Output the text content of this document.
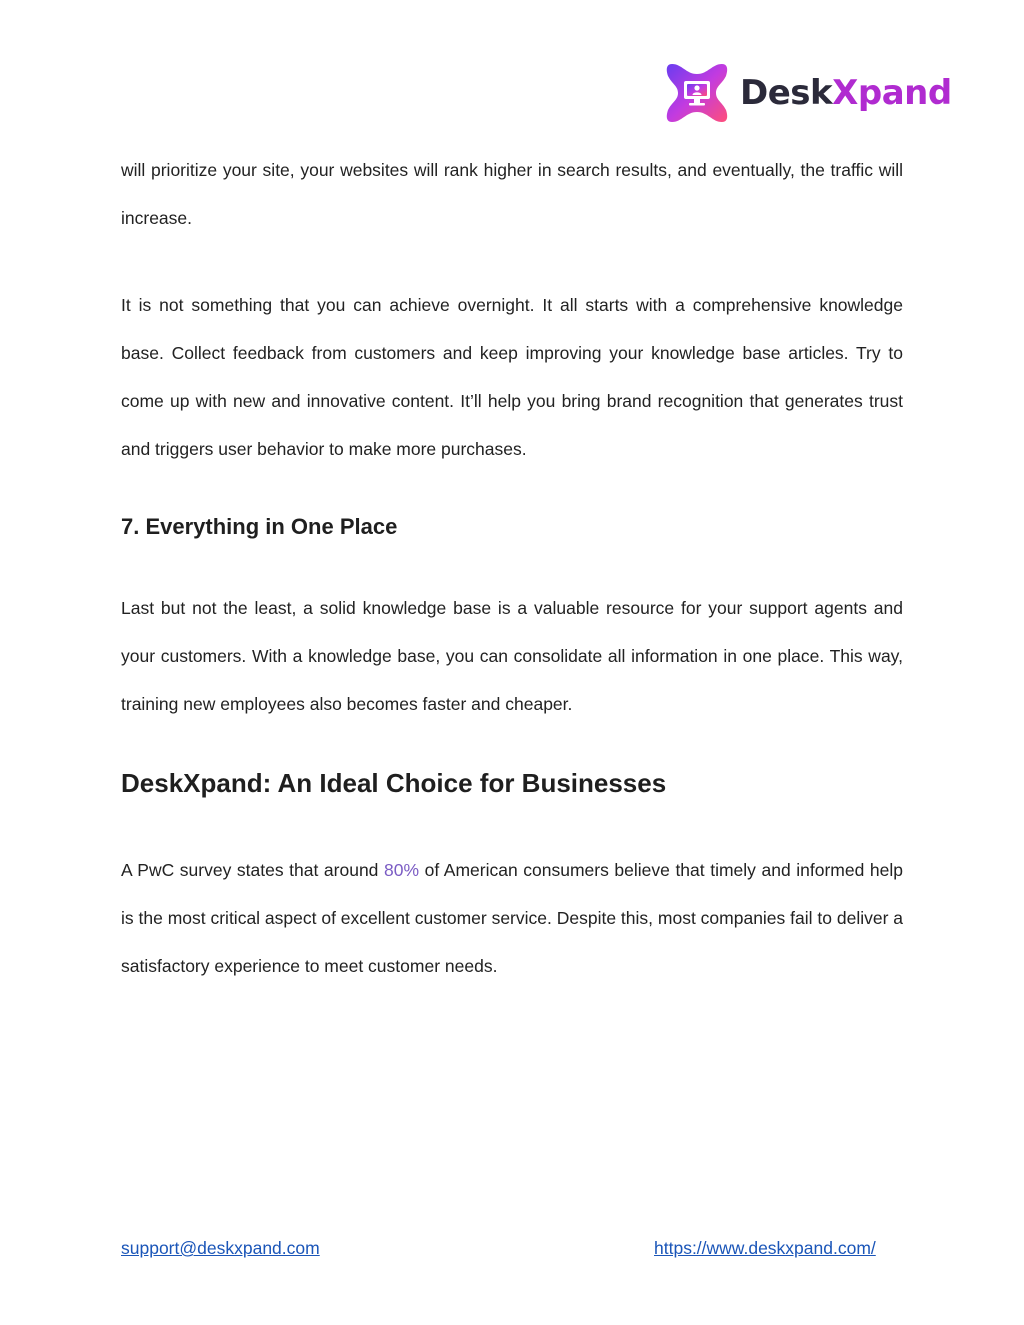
DeskXpand

will prioritize your site, your websites will rank higher in search results, and eventually, the traffic will increase.

It is not something that you can achieve overnight. It all starts with a comprehensive knowledge base. Collect feedback from customers and keep improving your knowledge base articles. Try to come up with new and innovative content. It’ll help you bring brand recognition that generates trust and triggers user behavior to make more purchases.

7. Everything in One Place

Last but not the least, a solid knowledge base is a valuable resource for your support agents and your customers. With a knowledge base, you can consolidate all information in one place. This way, training new employees also becomes faster and cheaper.

DeskXpand: An Ideal Choice for Businesses

A PwC survey states that around 80% of American consumers believe that timely and informed help is the most critical aspect of excellent customer service. Despite this, most companies fail to deliver a satisfactory experience to meet customer needs.

support@deskxpand.com	https://www.deskxpand.com/
